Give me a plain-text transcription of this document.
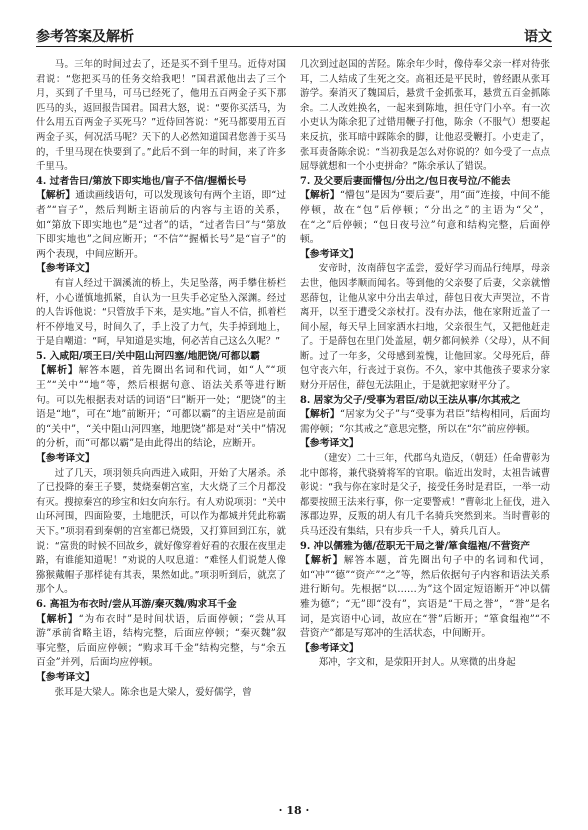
参考答案及解析	语文

马。三年的时间过去了，还是买不到千里马。近侍对国君说：“您把买马的任务交给我吧！”国君派他出去了三个月，买到了千里马，可马已经死了，他用五百两金子买下那匹马的头，返回报告国君。国君大怒，说：“要你买活马，为什么用五百两金子买死马？”近侍回答说：“死马都要用五百两金子买，何况活马呢？天下的人必然知道国君您善于买马的，千里马现在快要到了。”此后不到一年的时间，来了许多千里马。

4. 过者告曰/第放下即实地也/盲子不信/握楯长号

【解析】通读画线语句，可以发现该句有两个主语，即“过者”“盲子”，然后判断主语前后的内容与主语的关系，如“第放下即实地也”是“过者”的话，“过者告曰”与“第放下即实地也”之间应断开；“不信”“握楯长号”是“盲子”的两个表现，中间应断开。

【参考译文】

有盲人经过干涸溪流的桥上，失足坠落，两手攀住桥栏杆，小心谨慎地抓紧，自认为一旦失手必定坠入深渊。经过的人告诉他说：“只管放手下来，是实地。”盲人不信，抓着栏杆不停地叉号，时间久了，手上没了力气，失手掉到地上，于是自嘲道：“呵，早知道是实地，何必苦自己这么久呢？”

5. 入咸阳/项王曰/关中阻山河四塞/地肥饶/可都以霸

【解析】解答本题，首先圈出名词和代词，如“人”“项王”“关中”“地”等，然后根据句意、语法关系等进行断句。可以先根据表对话的词语“曰”断开一处；“肥饶”的主语是“地”，可在“地”前断开；“可都以霸”的主语应是前面的“关中”，“关中阻山河四塞，地肥饶”都是对“关中”情况的分析，而“可都以霸”是由此得出的结论，应断开。

【参考译文】

过了几天，项羽领兵向西进入咸阳，开始了大屠杀。杀了已投降的秦王子婴，焚烧秦朝宫室，大火烧了三个月都没有灭。搜掠秦宫的珍宝和妇女向东行。有人劝说项羽：“关中山环河围，四面险要，土地肥沃，可以作为都城并凭此称霸天下。”项羽看到秦朝的宫室都已烧毁，又打算回到江东，就说：“富贵的时候不回故乡，就好像穿着好看的衣服在夜里走路，有谁能知道呢！”劝说的人叹息道：“难怪人们说楚人像猕猴戴帽子那样徒有其表，果然如此。”项羽听到后，就烹了那个人。

6. 高祖为布衣时/尝从耳游/秦灭魏/购求耳千金

【解析】“为布衣时”是时间状语，后面停顿；“尝从耳游”承前省略主语，结构完整，后面应停顿；“秦灭魏”叙事完整，后面应停顿；“购求耳千金”结构完整，与“余五百金”并列，后面均应停顿。

【参考译文】

张耳是大梁人。陈余也是大梁人，爱好儒学，曾

几次到过赵国的苦陉。陈余年少时，像侍奉父亲一样对待张耳，二人结成了生死之交。高祖还是平民时，曾经跟从张耳游学。秦消灭了魏国后，悬赏千金抓张耳，悬赏五百金抓陈余。二人改姓换名，一起来到陈地，担任守门小卒。有一次小吏认为陈余犯了过错用鞭子打他，陈余（不服气）想要起来反抗，张耳暗中踩陈余的脚，让他忍受鞭打。小吏走了，张耳责备陈余说：“当初我是怎么对你说的？如今受了一点点屈辱就想和一个小吏拼命？”陈余承认了错误。

7. 及父要后妻面懵包/分出之/包日夜号泣/不能去

【解析】“懵包”是因为“要后妻”，用“面”连接，中间不能停顿，故在“包”后停顿；“分出之”的主语为“父”，在“之”后停顿；“包日夜号泣”句意和结构完整，后面停顿。

【参考译文】

安帝时，汝南薛包字孟尝，爱好学习而品行纯厚，母亲去世，他因孝顺而闻名。等到他的父亲娶了后妻，父亲就憎恶薛包，让他从家中分出去单过，薛包日夜大声哭泣，不肯离开，以至于遭受父亲杖打。没有办法，他在家附近盖了一间小屋，每天早上回家洒水扫地，父亲很生气，又把他赶走了。于是薛包在里门处盖屋，朝夕都问候养（父母），从不间断。过了一年多，父母感到羞愧，让他回家。父母死后，薛包守丧六年，行丧过于哀伤。不久，家中其他孩子要求分家财分开居住，薛包无法阻止，于是就把家财平分了。

8. 居家为父子/受事为君臣/动以王法从事/尔其戒之

【解析】“居家为父子”与“受事为君臣”结构相同，后面均需停顿；“尔其戒之”意思完整，所以在“尔”前应停顿。

【参考译文】

（建安）二十三年，代郡乌丸造反，（朝廷）任命曹彰为北中郎将，兼代骁骑将军的官职。临近出发时，太祖告诫曹彰说：“我与你在家时是父子，接受任务时是君臣，一举一动都要按照王法来行事，你一定要警戒！”曹彰北上征伐，进入涿郡边界，反叛的胡人有几千名骑兵突然到来。当时曹彰的兵马还没有集结，只有步兵一千人，骑兵几百人。

9. 冲以儒雅为德/莅职无干局之誉/箪食缊袍/不营资产

【解析】解答本题，首先圈出句子中的名词和代词，如“冲”“德”“资产”“之”等，然后依据句子内容和语法关系进行断句。先根据“以……为”这个固定短语断开“冲以儒雅为德”；“无”即“没有”，宾语是“干局之誉”，“誉”是名词，是宾语中心词，故应在“誉”后断开；“箪食缊袍”“不营资产”都是写郑冲的生活状态，中间断开。

【参考译文】

郑冲，字文和，是荥阳开封人。从寒微的出身起

· 18 ·
